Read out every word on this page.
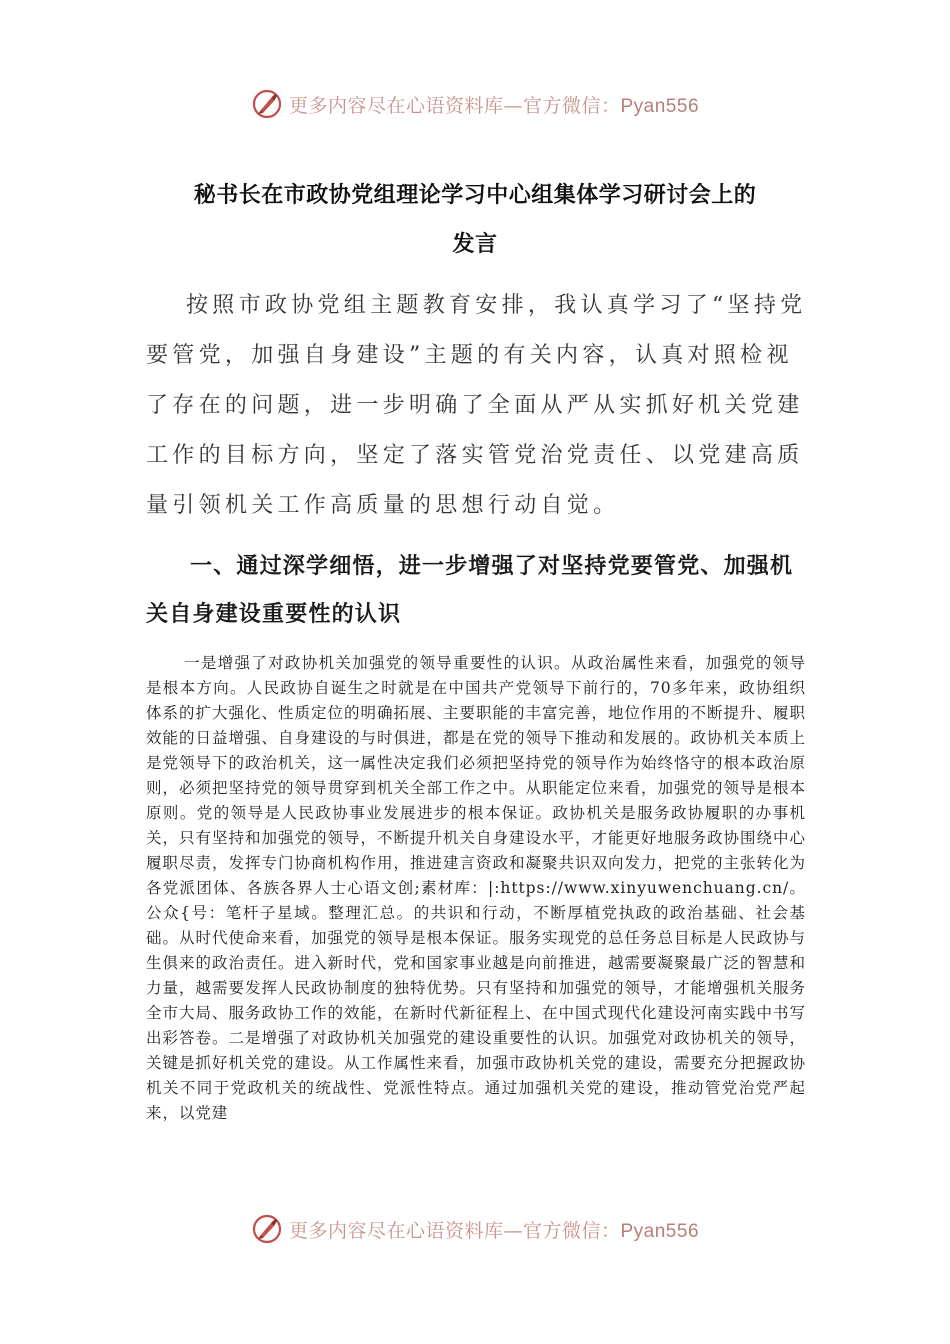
更多内容尽在心语资料库—官方微信：Pyan556
秘书长在市政协党组理论学习中心组集体学习研讨会上的
发言

按照市政协党组主题教育安排，我认真学习了“坚持党要管党，加强自身建设”主题的有关内容，认真对照检视了存在的问题，进一步明确了全面从严从实抓好机关党建工作的目标方向，坚定了落实管党治党责任、以党建高质量引领机关工作高质量的思想行动自觉。

一、通过深学细悟，进一步增强了对坚持党要管党、加强机关自身建设重要性的认识

一是增强了对政协机关加强党的领导重要性的认识。从政治属性来看，加强党的领导是根本方向。人民政协自诞生之时就是在中国共产党领导下前行的，70多年来，政协组织体系的扩大强化、性质定位的明确拓展、主要职能的丰富完善，地位作用的不断提升、履职效能的日益增强、自身建设的与时俱进，都是在党的领导下推动和发展的。政协机关本质上是党领导下的政治机关，这一属性决定我们必须把坚持党的领导作为始终恪守的根本政治原则，必须把坚持党的领导贯穿到机关全部工作之中。从职能定位来看，加强党的领导是根本原则。党的领导是人民政协事业发展进步的根本保证。政协机关是服务政协履职的办事机关，只有坚持和加强党的领导，不断提升机关自身建设水平，才能更好地服务政协围绕中心履职尽责，发挥专门协商机构作用，推进建言资政和凝聚共识双向发力，把党的主张转化为各党派团体、各族各界人士心语文创;素材库：|:https://www.xinyuwenchuang.cn/。公众{号：笔杆子星域。整理汇总。的共识和行动，不断厚植党执政的政治基础、社会基础。从时代使命来看，加强党的领导是根本保证。服务实现党的总任务总目标是人民政协与生俱来的政治责任。进入新时代，党和国家事业越是向前推进，越需要凝聚最广泛的智慧和力量，越需要发挥人民政协制度的独特优势。只有坚持和加强党的领导，才能增强机关服务全市大局、服务政协工作的效能，在新时代新征程上、在中国式现代化建设河南实践中书写出彩答卷。二是增强了对政协机关加强党的建设重要性的认识。加强党对政协机关的领导，关键是抓好机关党的建设。从工作属性来看，加强市政协机关党的建设，需要充分把握政协机关不同于党政机关的统战性、党派性特点。通过加强机关党的建设，推动管党治党严起来，以党建

更多内容尽在心语资料库—官方微信：Pyan556
